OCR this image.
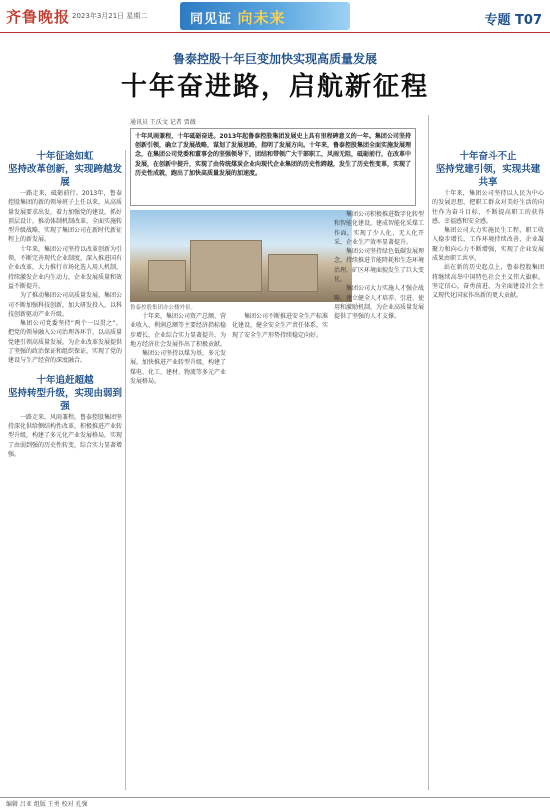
齐鲁晚报 2023年3月21日 星期二	同见证 向未来	专题 T07
鲁泰控股十年巨变加快实现高质量发展
十年奋进路，启航新征程
通讯员 王沃文 记者 贾薇
十年风雨兼程，十年砥砺奋进。2013年起鲁泰控股集团发展史上具有里程碑意义的一年。集团公司坚持创新引领，确立了发展战略，谋划了发展思路，指明了发展方向。十年来，鲁泰控股集团全面实施发展理念，在集团公司党委和董事会的坚强领导下，团结和带领广大干部职工，风雨无阻，砥砺前行，在改革中发展，在创新中提升，实现了由传统煤炭企业向现代企业集团的历史性跨越，发生了历史性变革，实现了历史性成就，跑出了加快高质量发展的加速度。
鲁泰控股集团办公楼外景。
十年征途如虹
坚持改革创新，实现跨越发展

一路走来，砥砺前行。2013年，鲁泰控股集团的新的领导班子上任以来，从高质量发展要求出发，着力加强党的建设，抓好顶层设计，推动体制机制改革，全面实施转型升级战略，实现了集团公司在新时代新征程上的新发展。

十年来，集团公司坚持以改革创新为引领，不断完善现代企业制度，深入推进国有企业改革，大力推行市场化选人用人机制，持续激发企业内生动力，企业发展质量和效益不断提升。

为了推动集团公司高质量发展，集团公司不断加强科技创新，加大研发投入，以科技创新驱动产业升级。

集团公司党委坚持“两个一以贯之”，把党的领导融入公司治理各环节，以高质量党建引领高质量发展，为企业改革发展提供了坚强的政治保证和组织保证，实现了党的建设与生产经营的深度融合。

十年追赶超越
坚持转型升级，实现由弱到强

一路走来，风雨兼程。鲁泰控股集团坚持深化供给侧结构性改革，积极推进产业转型升级，构建了多元化产业发展格局，实现了由弱到强的历史性转变，综合实力显著增强。

十年来，集团公司资产总额、营业收入、利润总额等主要经济指标稳步增长，企业综合实力显著提升，为地方经济社会发展作出了积极贡献。

集团公司坚持以煤为基，多元发展，加快推进产业转型升级，构建了煤电、化工、建材、物流等多元产业发展格局。

集团公司不断推进安全生产标准化建设，健全安全生产责任体系，实现了安全生产形势持续稳定向好。

集团公司积极推进数字化转型和智能化建设，建成智能化采煤工作面，实现了少人化、无人化开采，企业生产效率显著提升。

集团公司坚持绿色低碳发展理念，持续推进节能降耗和生态环境治理，矿区环境面貌发生了巨大变化。

集团公司大力实施人才强企战略，建立健全人才培养、引进、使用和激励机制，为企业高质量发展提供了坚强的人才支撑。

十年奋斗不止
坚持党建引领，实现共建共享

十年来，集团公司坚持以人民为中心的发展思想，把职工群众对美好生活的向往作为奋斗目标，不断提高职工的获得感、幸福感和安全感。

集团公司大力实施民生工程，职工收入稳步增长，工作环境持续改善，企业凝聚力和向心力不断增强，实现了企业发展成果由职工共享。

站在新的历史起点上，鲁泰控股集团将继续高举中国特色社会主义伟大旗帜，坚定信心，奋勇前进，为全面建设社会主义现代化国家作出新的更大贡献。

编辑 吕亚 组版 王勇 校对 孔强
